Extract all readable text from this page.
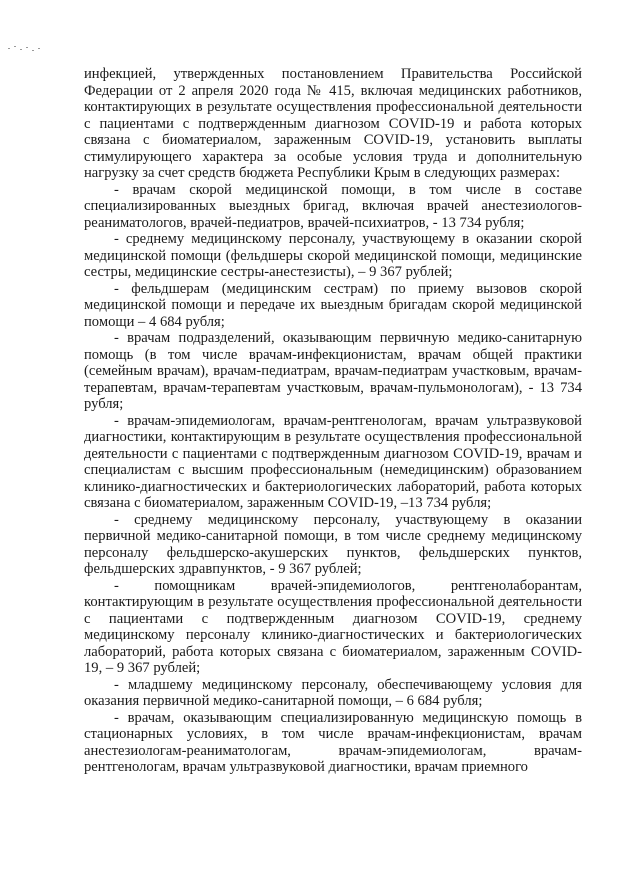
инфекцией, утвержденных постановлением Правительства Российской Федерации от 2 апреля 2020 года № 415, включая медицинских работников, контактирующих в результате осуществления профессиональной деятельности с пациентами с подтвержденным диагнозом COVID-19 и работа которых связана с биоматериалом, зараженным COVID-19, установить выплаты стимулирующего характера за особые условия труда и дополнительную нагрузку за счет средств бюджета Республики Крым в следующих размерах:

- врачам скорой медицинской помощи, в том числе в составе специализированных выездных бригад, включая врачей анестезиологов-реаниматологов, врачей-педиатров, врачей-психиатров, - 13 734 рубля;

- среднему медицинскому персоналу, участвующему в оказании скорой медицинской помощи (фельдшеры скорой медицинской помощи, медицинские сестры, медицинские сестры-анестезисты), – 9 367 рублей;

- фельдшерам (медицинским сестрам) по приему вызовов скорой медицинской помощи и передаче их выездным бригадам скорой медицинской помощи – 4 684 рубля;

- врачам подразделений, оказывающим первичную медико-санитарную помощь (в том числе врачам-инфекционистам, врачам общей практики (семейным врачам), врачам-педиатрам, врачам-педиатрам участковым, врачам-терапевтам, врачам-терапевтам участковым, врачам-пульмонологам), - 13 734 рубля;

- врачам-эпидемиологам, врачам-рентгенологам, врачам ультразвуковой диагностики, контактирующим в результате осуществления профессиональной деятельности с пациентами с подтвержденным диагнозом COVID-19, врачам и специалистам с высшим профессиональным (немедицинским) образованием клинико-диагностических и бактериологических лабораторий, работа которых связана с биоматериалом, зараженным COVID-19, –13 734 рубля;

- среднему медицинскому персоналу, участвующему в оказании первичной медико-санитарной помощи, в том числе среднему медицинскому персоналу фельдшерско-акушерских пунктов, фельдшерских пунктов, фельдшерских здравпунктов, - 9 367 рублей;

- помощникам врачей-эпидемиологов, рентгенолаборантам, контактирующим в результате осуществления профессиональной деятельности с пациентами с подтвержденным диагнозом COVID-19, среднему медицинскому персоналу клинико-диагностических и бактериологических лабораторий, работа которых связана с биоматериалом, зараженным COVID-19, – 9 367 рублей;

- младшему медицинскому персоналу, обеспечивающему условия для оказания первичной медико-санитарной помощи, – 6 684 рубля;

- врачам, оказывающим специализированную медицинскую помощь в стационарных условиях, в том числе врачам-инфекционистам, врачам анестезиологам-реаниматологам, врачам-эпидемиологам, врачам-рентгенологам, врачам ультразвуковой диагностики, врачам приемного
